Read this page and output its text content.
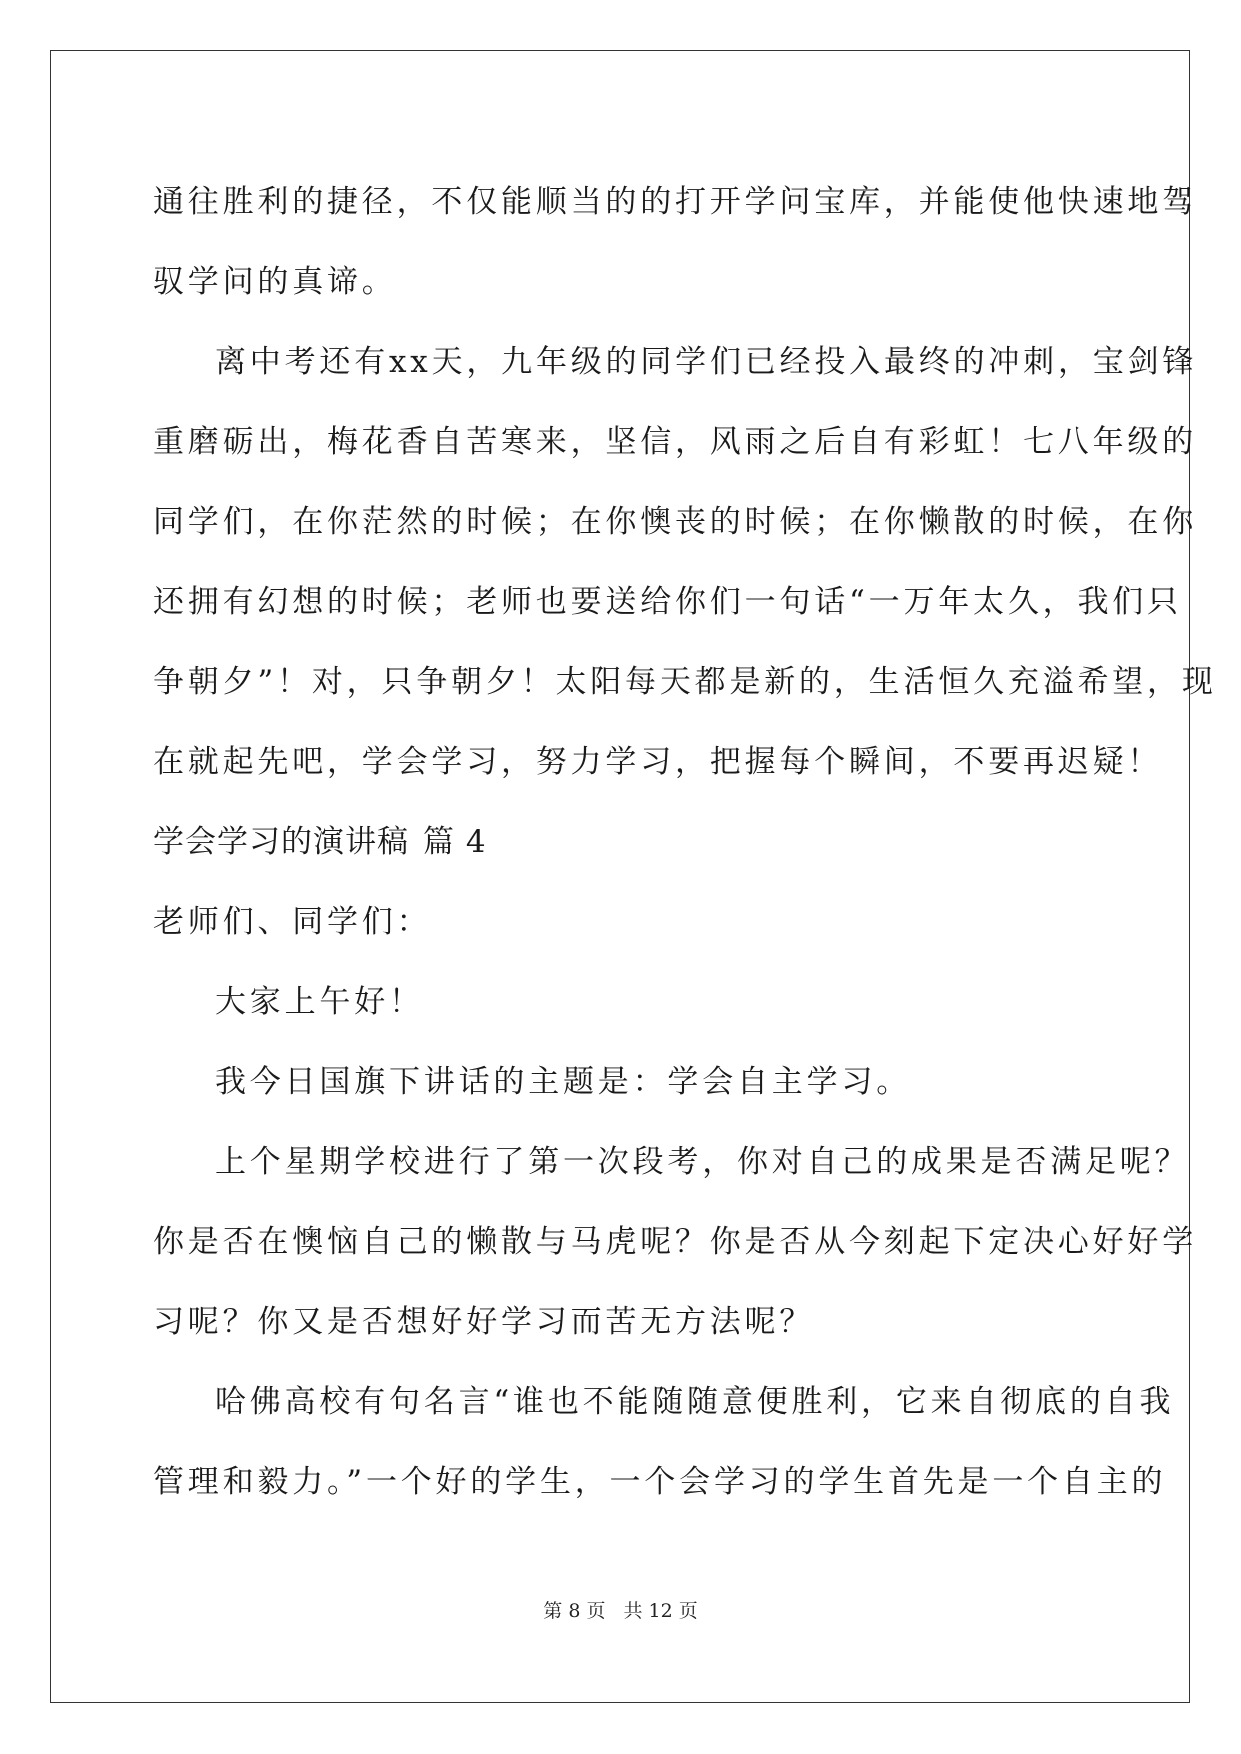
通往胜利的捷径，不仅能顺当的的打开学问宝库，并能使他快速地驾
驭学问的真谛。
离中考还有xx天，九年级的同学们已经投入最终的冲刺，宝剑锋
重磨砺出，梅花香自苦寒来，坚信，风雨之后自有彩虹！七八年级的
同学们，在你茫然的时候；在你懊丧的时候；在你懒散的时候，在你
还拥有幻想的时候；老师也要送给你们一句话“一万年太久，我们只
争朝夕”！对，只争朝夕！太阳每天都是新的，生活恒久充溢希望，现
在就起先吧，学会学习，努力学习，把握每个瞬间，不要再迟疑！
学会学习的演讲稿 篇 4
老师们、同学们：
大家上午好！
我今日国旗下讲话的主题是：学会自主学习。
上个星期学校进行了第一次段考，你对自己的成果是否满足呢？
你是否在懊恼自己的懒散与马虎呢？你是否从今刻起下定决心好好学
习呢？你又是否想好好学习而苦无方法呢？
哈佛高校有句名言“谁也不能随随意便胜利，它来自彻底的自我
管理和毅力。”一个好的学生，一个会学习的学生首先是一个自主的
第 8 页 共 12 页
